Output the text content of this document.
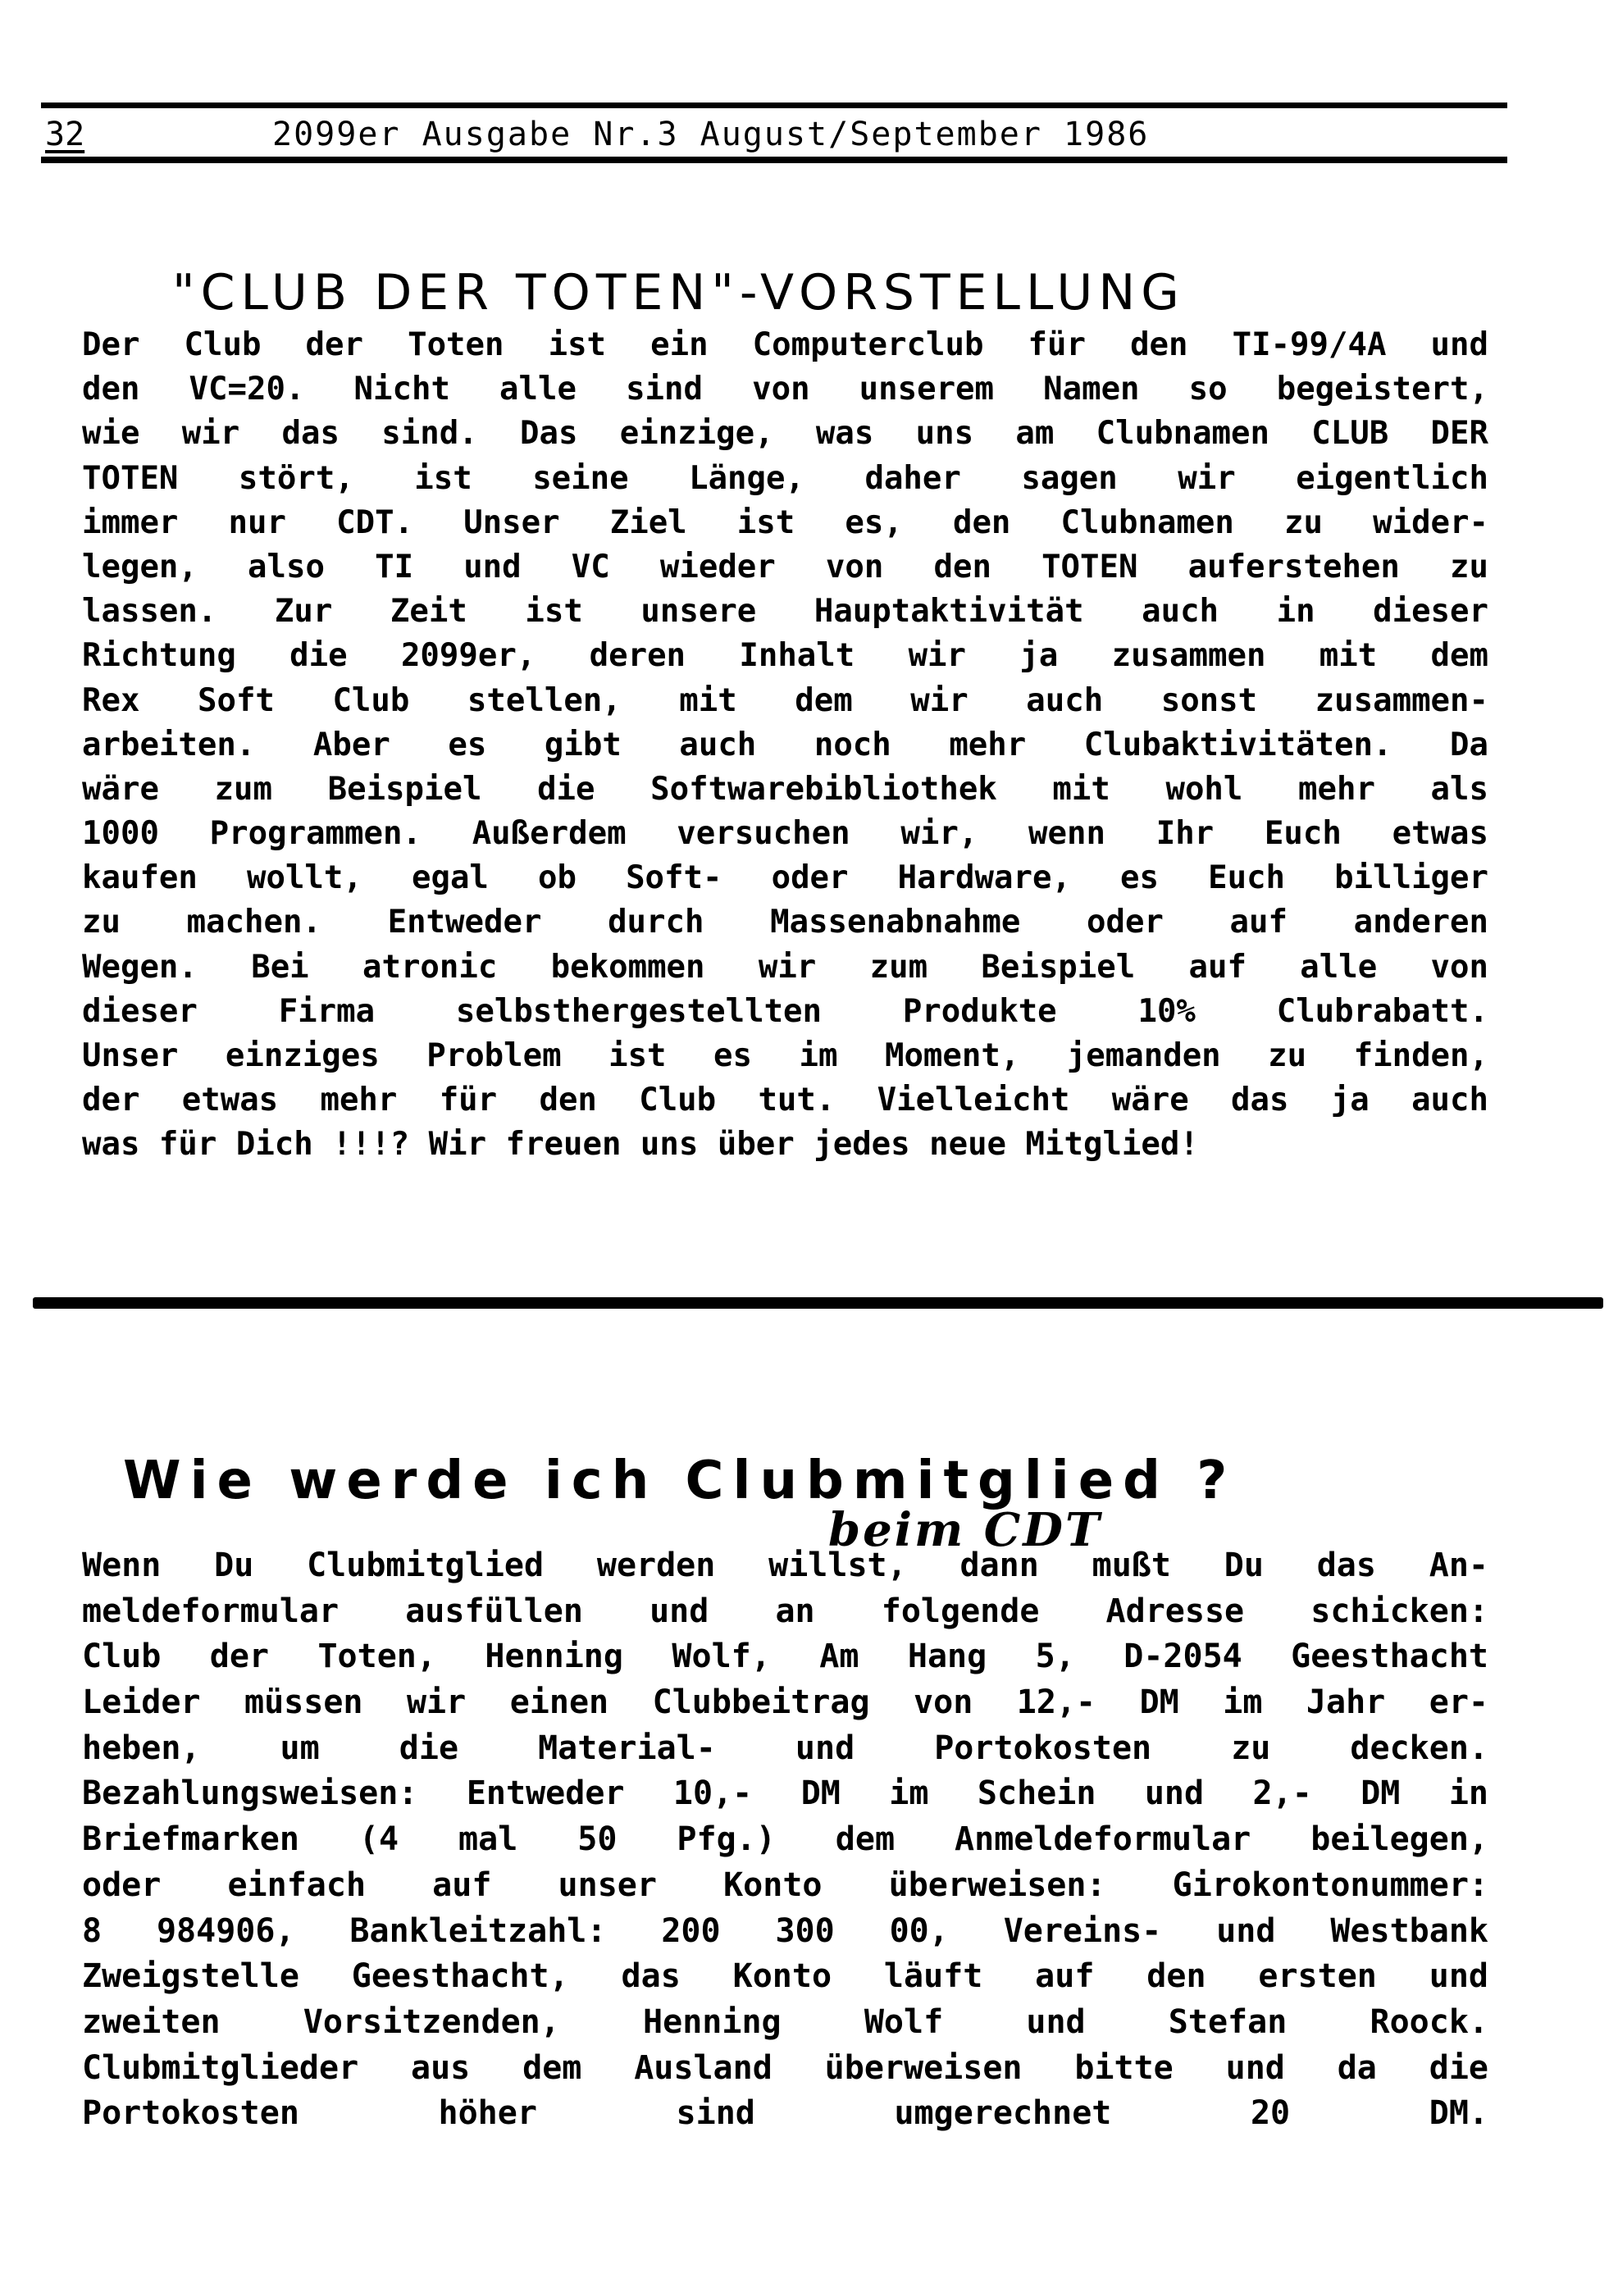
32	2099er Ausgabe Nr.3 August/September 1986
"CLUB DER TOTEN"-VORSTELLUNG
Der Club der Toten ist ein Computerclub für den TI-99/4A und
den VC=20. Nicht alle sind von unserem Namen so begeistert,
wie wir das sind. Das einzige, was uns am Clubnamen CLUB DER
TOTEN stört, ist seine Länge, daher sagen wir eigentlich
immer nur CDT. Unser Ziel ist es, den Clubnamen zu wider-
legen, also TI und VC wieder von den TOTEN auferstehen zu
lassen. Zur Zeit ist unsere Hauptaktivität auch in dieser
Richtung die 2099er, deren Inhalt wir ja zusammen mit dem
Rex Soft Club stellen, mit dem wir auch sonst zusammen-
arbeiten. Aber es gibt auch noch mehr Clubaktivitäten. Da
wäre zum Beispiel die Softwarebibliothek mit wohl mehr als
1000 Programmen. Außerdem versuchen wir, wenn Ihr Euch etwas
kaufen wollt, egal ob Soft- oder Hardware, es Euch billiger
zu machen. Entweder durch Massenabnahme oder auf anderen
Wegen. Bei atronic bekommen wir zum Beispiel auf alle von
dieser Firma selbsthergestellten Produkte 10% Clubrabatt.
Unser einziges Problem ist es im Moment, jemanden zu finden,
der etwas mehr für den Club tut. Vielleicht wäre das ja auch
was für Dich !!!? Wir freuen uns über jedes neue Mitglied!
Wie werde ich Clubmitglied ?
beim CDT
Wenn Du Clubmitglied werden willst, dann mußt Du das An-
meldeformular ausfüllen und an folgende Adresse schicken:
Club der Toten, Henning Wolf, Am Hang 5, D-2054 Geesthacht
Leider müssen wir einen Clubbeitrag von 12,- DM im Jahr er-
heben, um die Material- und Portokosten zu decken.
Bezahlungsweisen: Entweder 10,- DM im Schein und 2,- DM in
Briefmarken (4 mal 50 Pfg.) dem Anmeldeformular beilegen,
oder einfach auf unser Konto überweisen: Girokontonummer:
8 984906, Bankleitzahl: 200 300 00, Vereins- und Westbank
Zweigstelle Geesthacht, das Konto läuft auf den ersten und
zweiten Vorsitzenden, Henning Wolf und Stefan Roock.
Clubmitglieder aus dem Ausland überweisen bitte und da die
Portokosten höher sind umgerechnet 20 DM.
